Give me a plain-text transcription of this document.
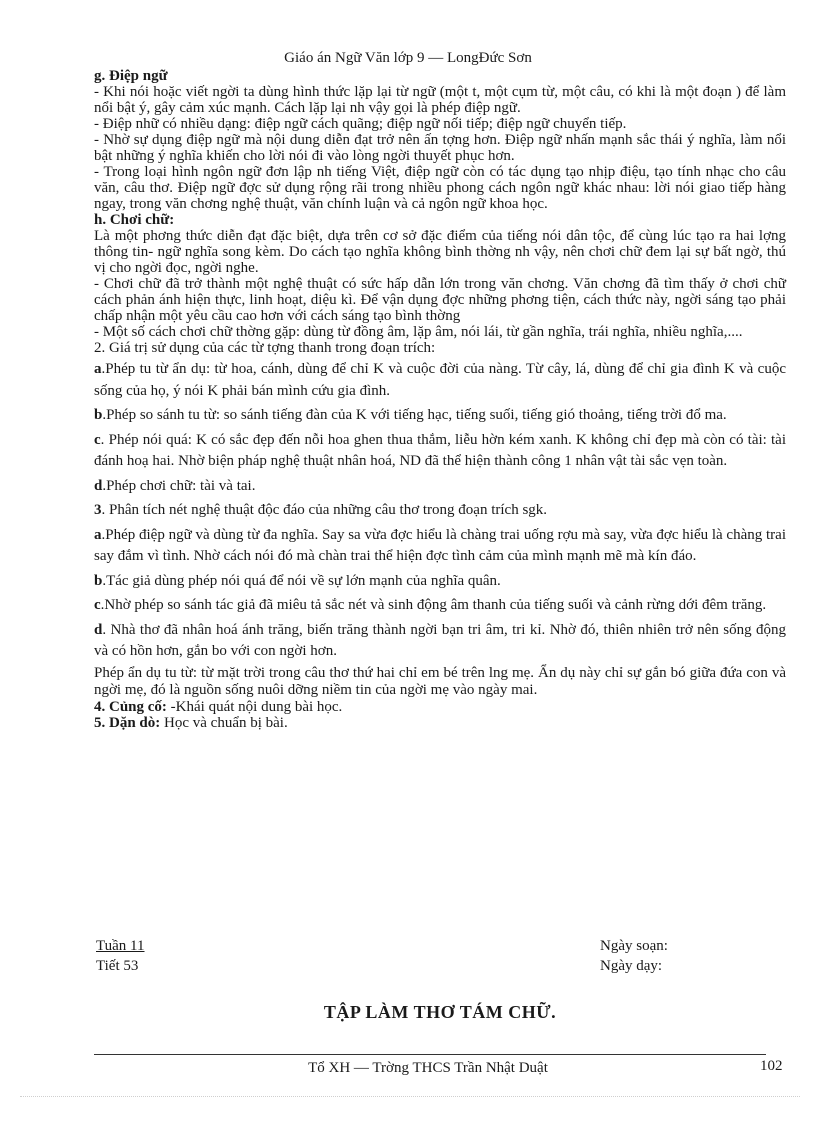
Giáo án Ngữ Văn lớp 9 — LongĐức Sơn

g. Điệp ngữ

- Khi nói hoặc viết ngời ta dùng hình thức lặp lại từ ngữ (một t, một cụm từ, một câu, có khi là một đoạn ) để làm nổi bật ý, gây cảm xúc mạnh. Cách lặp lại nh vậy gọi là phép điệp ngữ.

- Điệp nhữ có nhiều dạng: điệp ngữ cách quãng; điệp ngữ nối tiếp; điệp ngữ chuyển tiếp.

- Nhờ sự dụng điệp ngữ mà nội dung diễn đạt trở nên ấn tợng hơn. Điệp ngữ nhấn mạnh sắc thái ý nghĩa, làm nổi bật những ý nghĩa khiến cho lời nói đi vào lòng ngời thuyết phục hơn.

- Trong loại hình ngôn ngữ đơn lập nh tiếng Việt, điệp ngữ còn có tác dụng tạo nhịp điệu, tạo tính nhạc cho câu văn, câu thơ. Điệp ngữ đợc sử dụng rộng rãi trong nhiều phong cách ngôn ngữ khác nhau: lời nói giao tiếp hàng ngay, trong văn chơng nghệ thuật, văn chính luận và cả ngôn ngữ khoa học.

h. Chơi chữ:

Là một phơng thức diễn đạt đặc biệt, dựa trên cơ sở đặc điểm của tiếng nói dân tộc, để cùng lúc tạo ra hai lợng thông tin- ngữ nghĩa song kèm. Do cách tạo nghĩa không bình thờng nh vậy, nên chơi chữ đem lại sự bất ngờ, thú vị cho ngời đọc, ngời nghe.

- Chơi chữ đã trở thành một nghệ thuật có sức hấp dẫn lớn trong văn chơng. Văn chơng đã tìm thấy ở chơi chữ cách phản ánh hiện thực, linh hoạt, diệu kì. Để vận dụng đợc những phơng tiện, cách thức này, ngời sáng tạo phải chấp nhận một yêu cầu cao hơn với cách sáng tạo bình thờng

- Một số cách chơi chữ thờng gặp: dùng từ đồng âm, lặp âm, nói lái, từ gần nghĩa, trái nghĩa, nhiều nghĩa,....

2. Giá trị sử dụng của các từ tợng thanh trong đoạn trích:

a.Phép tu từ ẩn dụ: từ hoa, cánh, dùng để chỉ K và cuộc đời của nàng. Từ cây, lá, dùng để chỉ gia đình K và cuộc sống của họ, ý nói K phải bán mình cứu gia đình.

b.Phép so sánh tu từ: so sánh tiếng đàn của K với tiếng hạc, tiếng suối, tiếng gió thoảng, tiếng trời đổ ma.

c. Phép nói quá: K có sắc đẹp đến nỗi hoa ghen thua thắm, liễu hờn kém xanh. K không chỉ đẹp mà còn có tài: tài đánh hoạ hai. Nhờ biện pháp nghệ thuật nhân hoá, ND đã thể hiện thành công 1 nhân vật tài sắc vẹn toàn.

d.Phép chơi chữ: tài và tai.

3. Phân tích nét nghệ thuật độc đáo của những câu thơ trong đoạn trích sgk.

a.Phép điệp ngữ và dùng từ đa nghĩa. Say sa vừa đợc hiểu là chàng trai uống rợu mà say, vừa đợc hiểu là chàng trai say đắm vì tình. Nhờ cách nói đó mà chàn trai thể hiện đợc tình cảm của mình mạnh mẽ mà kín đáo.

b.Tác giả dùng phép nói quá để nói về sự lớn mạnh của nghĩa quân.

c.Nhờ phép so sánh tác giả đã miêu tả sắc nét và sinh động âm thanh của tiếng suối và cảnh rừng dới đêm trăng.

d. Nhà thơ đã nhân hoá ánh trăng, biến trăng thành ngời bạn tri âm, tri kỉ. Nhờ đó, thiên nhiên trở nên sống động và có hồn hơn, gắn bo với con ngời hơn.

Phép ẩn dụ tu từ: từ mặt trời trong câu thơ thứ hai chỉ em bé trên lng mẹ. Ẩn dụ này chỉ sự gắn bó giữa đứa con và ngời mẹ, đó là nguồn sống nuôi dỡng niềm tin của ngời mẹ vào ngày mai.

4. Củng cố: -Khái quát nội dung bài học.

5. Dặn dò: Học và chuẩn bị bài.

Tuần 11	Ngày soạn:
Tiết 53	Ngày dạy:
TẬP LÀM THƠ TÁM CHỮ.
Tổ XH — Trờng THCS Trần Nhật Duật	102
